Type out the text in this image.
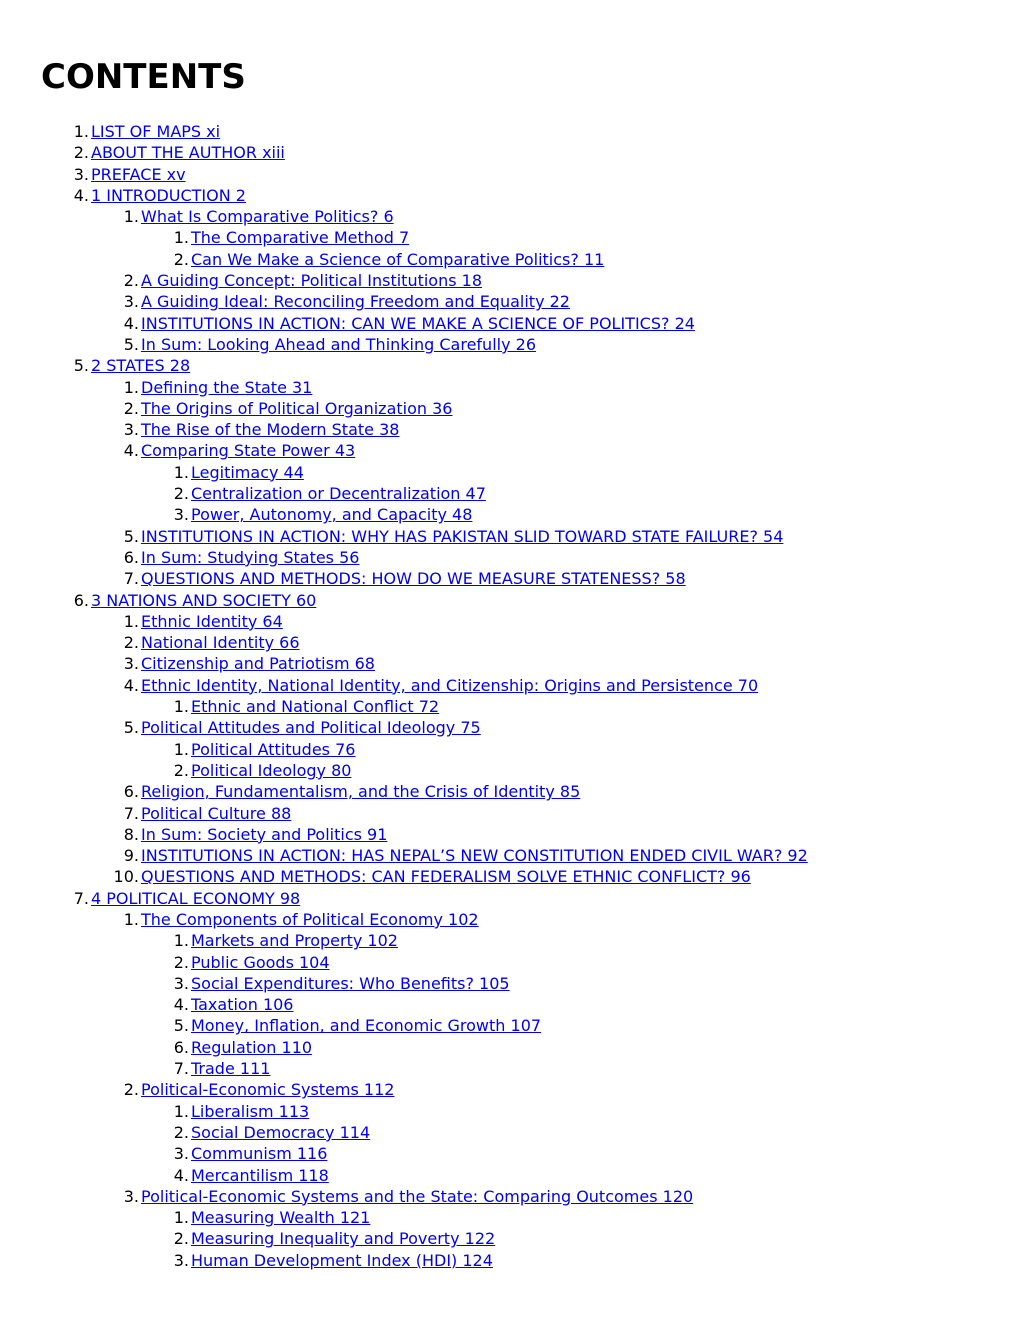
CONTENTS
1. LIST OF MAPS xi
2. ABOUT THE AUTHOR xiii
3. PREFACE xv
4. 1 INTRODUCTION 2
1. What Is Comparative Politics? 6
1. The Comparative Method 7
2. Can We Make a Science of Comparative Politics? 11
2. A Guiding Concept: Political Institutions 18
3. A Guiding Ideal: Reconciling Freedom and Equality 22
4. INSTITUTIONS IN ACTION: CAN WE MAKE A SCIENCE OF POLITICS? 24
5. In Sum: Looking Ahead and Thinking Carefully 26
5. 2 STATES 28
1. Defining the State 31
2. The Origins of Political Organization 36
3. The Rise of the Modern State 38
4. Comparing State Power 43
1. Legitimacy 44
2. Centralization or Decentralization 47
3. Power, Autonomy, and Capacity 48
5. INSTITUTIONS IN ACTION: WHY HAS PAKISTAN SLID TOWARD STATE FAILURE? 54
6. In Sum: Studying States 56
7. QUESTIONS AND METHODS: HOW DO WE MEASURE STATENESS? 58
6. 3 NATIONS AND SOCIETY 60
1. Ethnic Identity 64
2. National Identity 66
3. Citizenship and Patriotism 68
4. Ethnic Identity, National Identity, and Citizenship: Origins and Persistence 70
1. Ethnic and National Conflict 72
5. Political Attitudes and Political Ideology 75
1. Political Attitudes 76
2. Political Ideology 80
6. Religion, Fundamentalism, and the Crisis of Identity 85
7. Political Culture 88
8. In Sum: Society and Politics 91
9. INSTITUTIONS IN ACTION: HAS NEPAL’S NEW CONSTITUTION ENDED CIVIL WAR? 92
10. QUESTIONS AND METHODS: CAN FEDERALISM SOLVE ETHNIC CONFLICT? 96
7. 4 POLITICAL ECONOMY 98
1. The Components of Political Economy 102
1. Markets and Property 102
2. Public Goods 104
3. Social Expenditures: Who Benefits? 105
4. Taxation 106
5. Money, Inflation, and Economic Growth 107
6. Regulation 110
7. Trade 111
2. Political-Economic Systems 112
1. Liberalism 113
2. Social Democracy 114
3. Communism 116
4. Mercantilism 118
3. Political-Economic Systems and the State: Comparing Outcomes 120
1. Measuring Wealth 121
2. Measuring Inequality and Poverty 122
3. Human Development Index (HDI) 124
